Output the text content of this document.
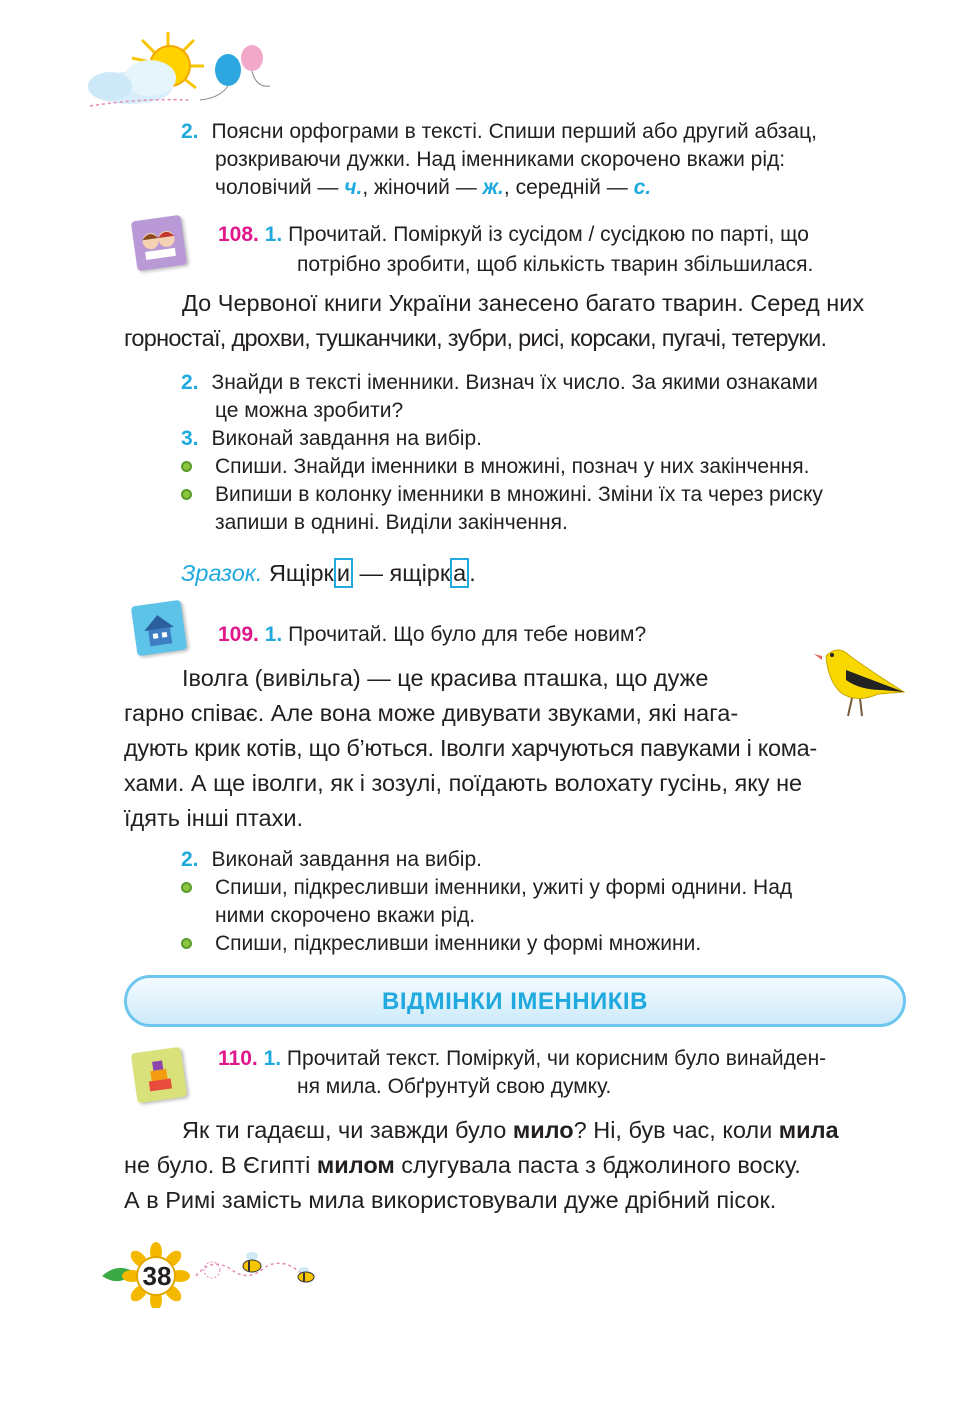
2. Поясни орфограми в тексті. Спиши перший або другий абзац,
розкриваючи дужки. Над іменниками скорочено вкажи рід:
чоловічий — ч., жіночий — ж., середній — с.
108. 1. Прочитай. Поміркуй із сусідом / сусідкою по парті, що
потрібно зробити, щоб кількість тварин збільшилася.
До Червоної книги України занесено багато тварин. Серед них
горностаї, дрохви, тушканчики, зубри, рисі, корсаки, пугачі, тетеруки.
2. Знайди в тексті іменники. Визнач їх число. За якими ознаками
це можна зробити?
3. Виконай завдання на вибір.
Спиши. Знайди іменники в множині, познач у них закінчення.
Випиши в колонку іменники в множині. Зміни їх та через риску
запиши в однині. Виділи закінчення.
Зразок. Ящірк и — ящірк а .
109. 1. Прочитай. Що було для тебе новим?
Іволга (вивільга) — це красива пташка, що дуже
гарно співає. Але вона може дивувати звуками, які нага-
дують крик котів, що б’ються. Іволги харчуються павуками і кома-
хами. А ще іволги, як і зозулі, поїдають волохату гусінь, яку не
їдять інші птахи.
2. Виконай завдання на вибір.
Спиши, підкресливши іменники, ужиті у формі однини. Над
ними скорочено вкажи рід.
Спиши, підкресливши іменники у формі множини.
ВІДМІНКИ ІМЕННИКІВ
110. 1. Прочитай текст. Поміркуй, чи корисним було винайден-
ня мила. Обґрунтуй свою думку.
Як ти гадаєш, чи завжди було мило? Ні, був час, коли мила
не було. В Єгипті милом слугувала паста з бджолиного воску.
А в Римі замість мила використовували дуже дрібний пісок.
38
